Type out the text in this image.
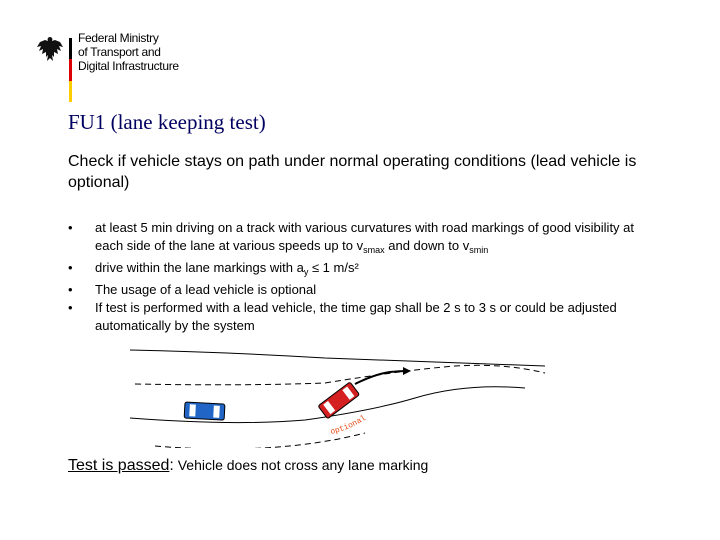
Federal Ministry
of Transport and
Digital Infrastructure
FU1 (lane keeping test)
Check if vehicle stays on path under normal operating conditions (lead vehicle is optional)
•	at least 5 min driving on a track with various curvatures with road markings of good visibility at each side of the lane at various speeds up to $v_{smax}$ and down to $v_{smin}$
•	drive within the lane markings with $a_y \le 1$ m/s²
•	The usage of a lead vehicle is optional
•	If test is performed with a lead vehicle, the time gap shall be 2 s to 3 s or could be adjusted automatically by the system
optional
Test is passed: Vehicle does not cross any lane marking
